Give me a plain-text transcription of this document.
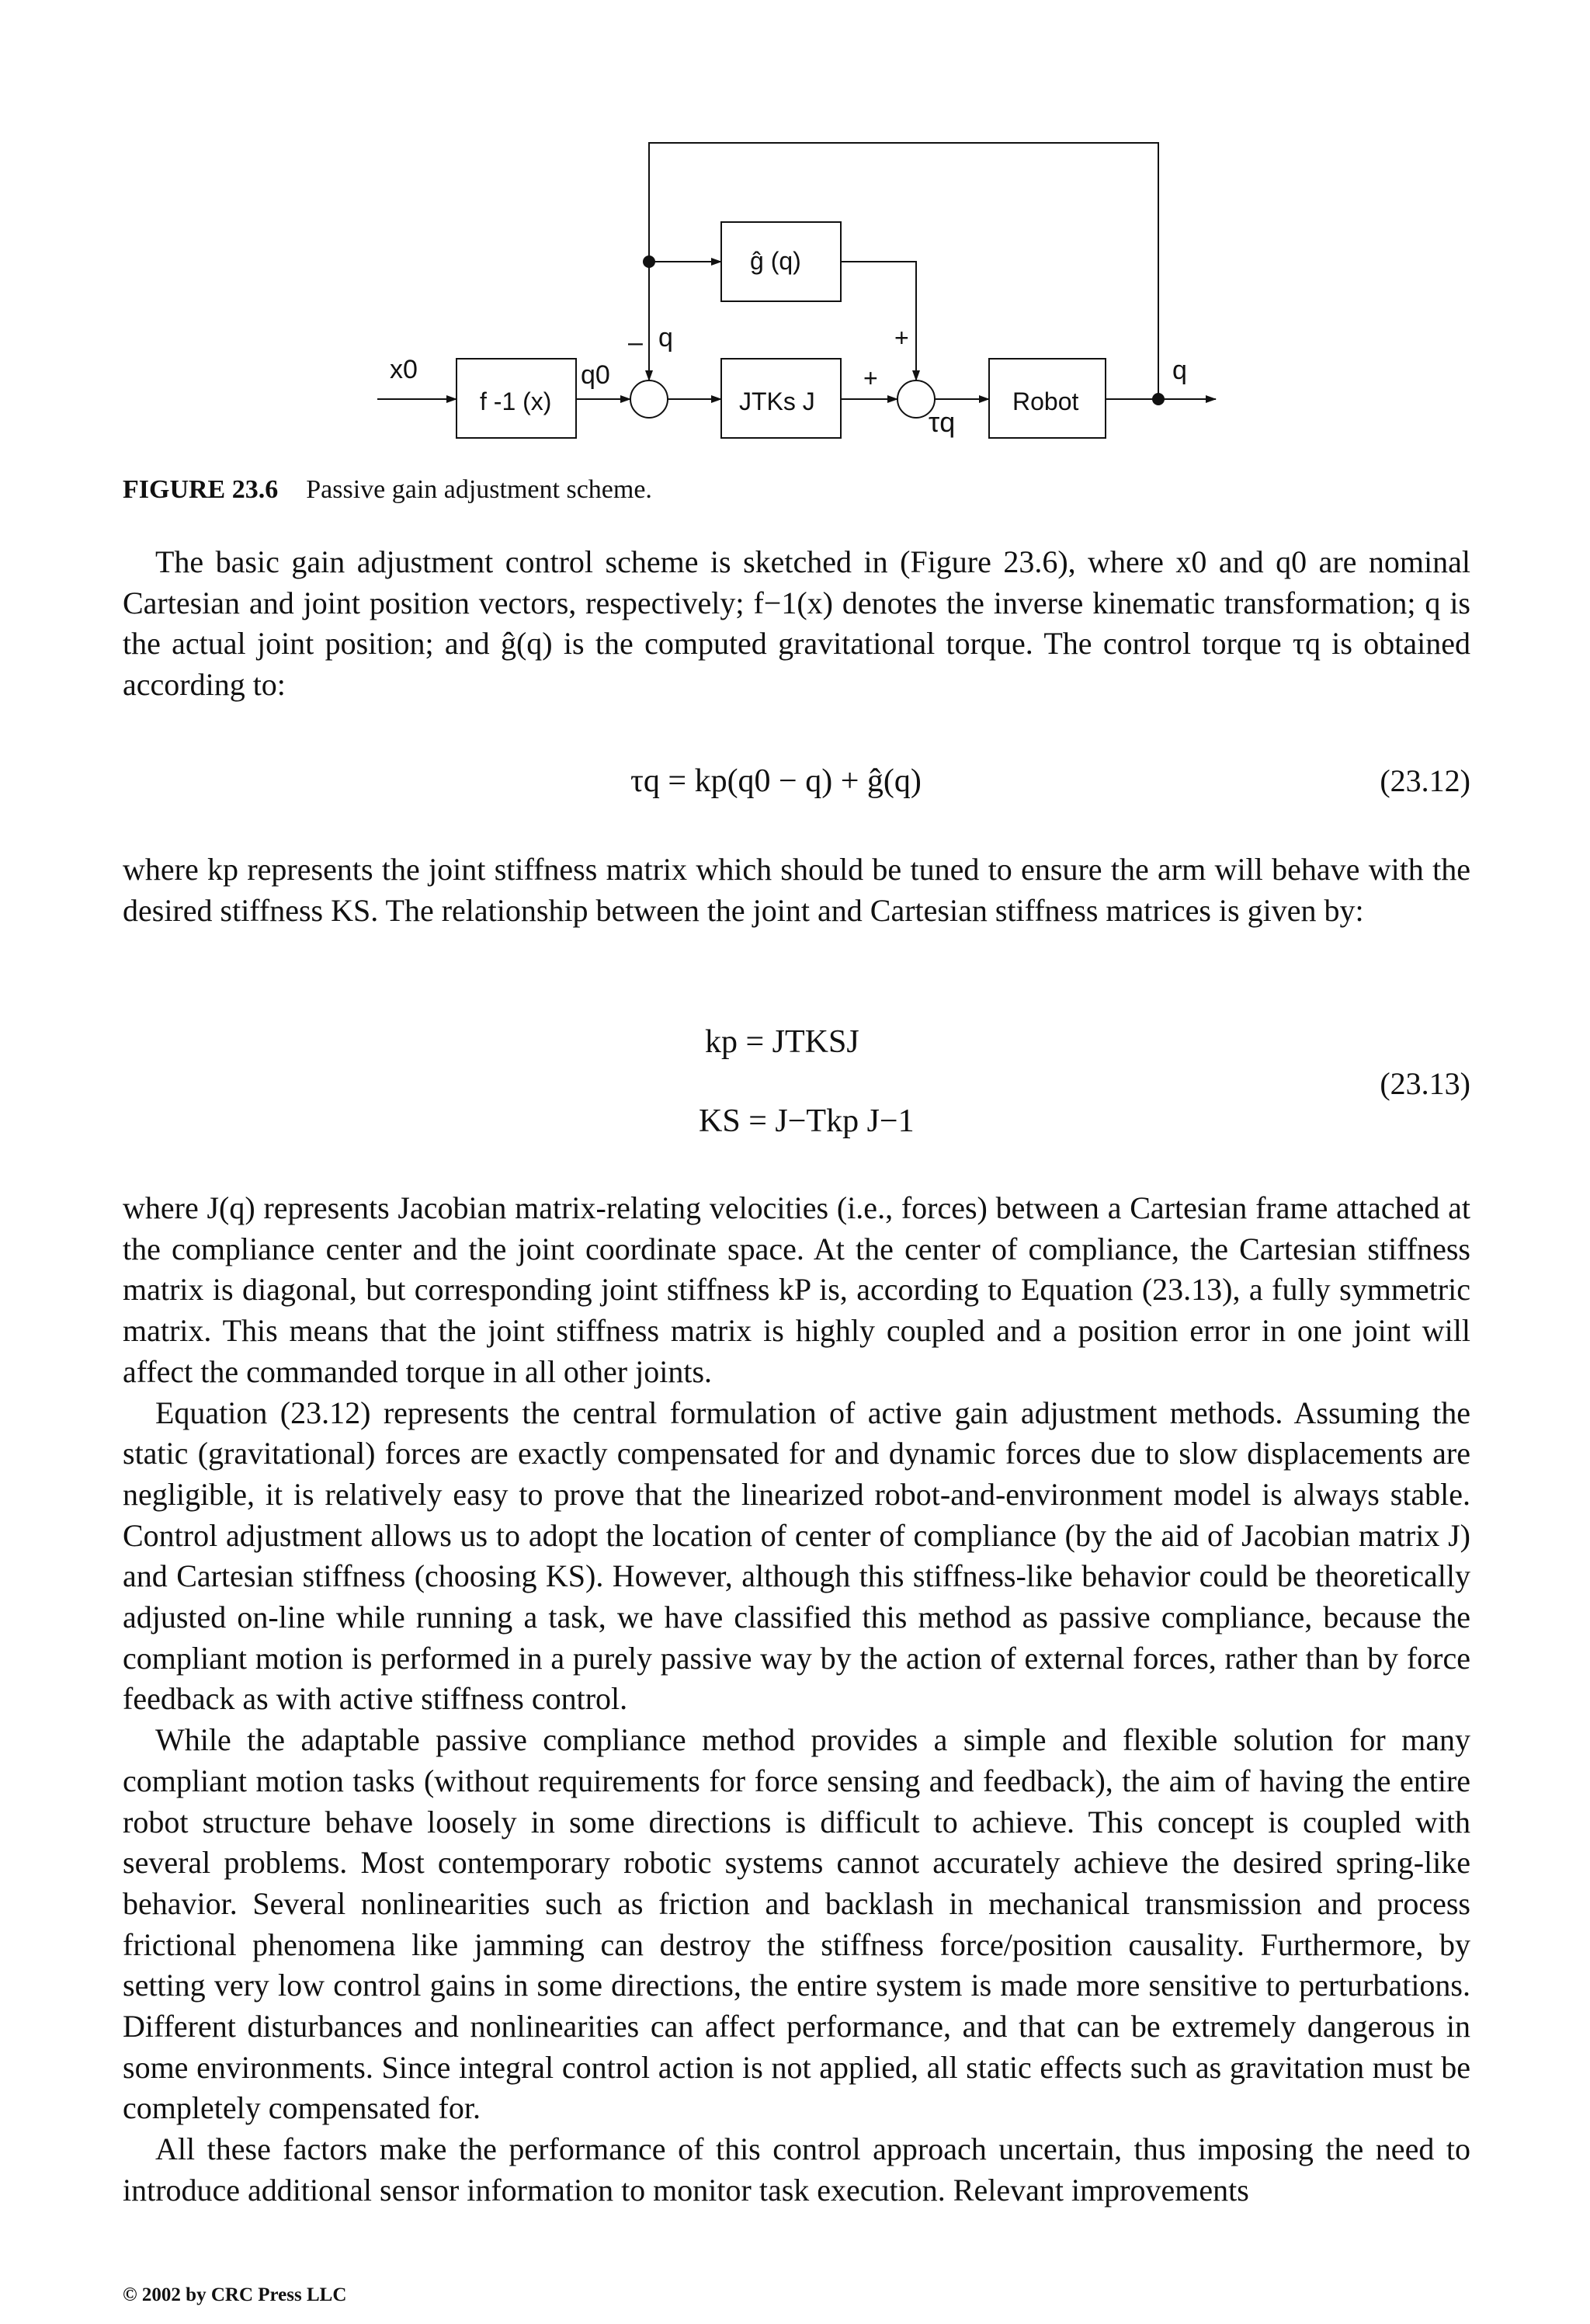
x0
f -1 (x)
q0
– q
ĝ (q)
+
+
JTKs J
τq
Robot
q
FIGURE 23.6 Passive gain adjustment scheme.

The basic gain adjustment control scheme is sketched in (Figure 23.6), where x0 and q0 are nominal Cartesian and joint position vectors, respectively; f−1(x) denotes the inverse kinematic transformation; q is the actual joint position; and ĝ(q) is the computed gravitational torque. The control torque τq is obtained according to:

τq = kp(q0 − q) + ĝ(q)	(23.12)

where kp represents the joint stiffness matrix which should be tuned to ensure the arm will behave with the desired stiffness KS. The relationship between the joint and Cartesian stiffness matrices is given by:

kp = JTKSJ
KS = J−Tkp J−1
(23.13)

where J(q) represents Jacobian matrix-relating velocities (i.e., forces) between a Cartesian frame attached at the compliance center and the joint coordinate space. At the center of compliance, the Cartesian stiffness matrix is diagonal, but corresponding joint stiffness kP is, according to Equation (23.13), a fully symmetric matrix. This means that the joint stiffness matrix is highly coupled and a position error in one joint will affect the commanded torque in all other joints.

Equation (23.12) represents the central formulation of active gain adjustment methods. Assuming the static (gravitational) forces are exactly compensated for and dynamic forces due to slow displacements are negligible, it is relatively easy to prove that the linearized robot-and-environment model is always stable. Control adjustment allows us to adopt the location of center of compliance (by the aid of Jacobian matrix J) and Cartesian stiffness (choosing KS). However, although this stiffness-like behavior could be theoretically adjusted on-line while running a task, we have classified this method as passive compliance, because the compliant motion is performed in a purely passive way by the action of external forces, rather than by force feedback as with active stiffness control.

While the adaptable passive compliance method provides a simple and flexible solution for many compliant motion tasks (without requirements for force sensing and feedback), the aim of having the entire robot structure behave loosely in some directions is difficult to achieve. This concept is coupled with several problems. Most contemporary robotic systems cannot accurately achieve the desired spring-like behavior. Several nonlinearities such as friction and backlash in mechanical transmission and process frictional phenomena like jamming can destroy the stiffness force/position causality. Furthermore, by setting very low control gains in some directions, the entire system is made more sensitive to perturbations. Different disturbances and nonlinearities can affect performance, and that can be extremely dangerous in some environments. Since integral control action is not applied, all static effects such as gravitation must be completely compensated for.

All these factors make the performance of this control approach uncertain, thus imposing the need to introduce additional sensor information to monitor task execution. Relevant improvements

© 2002 by CRC Press LLC
